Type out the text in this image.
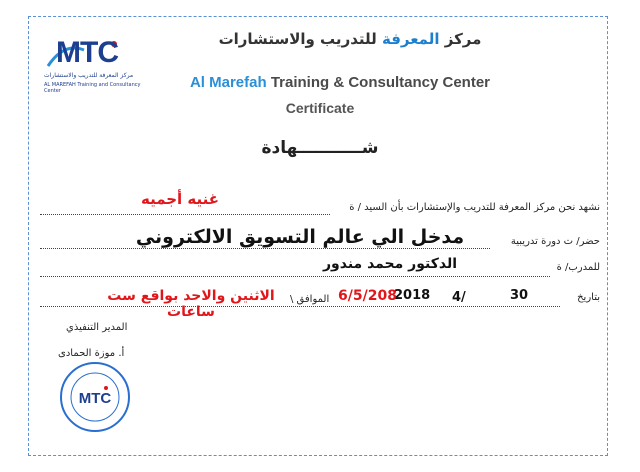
MTC
مركز المعرفة للتدريب والاستشارات
AL MAREFAH Training and Consultancy Center
مركز المعرفة للتدريب والاستشارات
Al Marefah Training & Consultancy Center
Certificate
شـــــــــــهادة
نشهد نحن مركز المعرفة للتدريب والإستشارات بأن السيد / ة
غنيه أجميه
حضر/ ت دورة تدريبية
مدخل الي عالم التسويق الالكتروني
للمدرب/ ة
الدكتور محمد مندور
بتاريخ
30
4/
2018
الموافق \ 6/5/208
الاثنين والاحد بواقع ست ساعات
المدير التنفيذي
أ. موزة الحمادى
MTC
